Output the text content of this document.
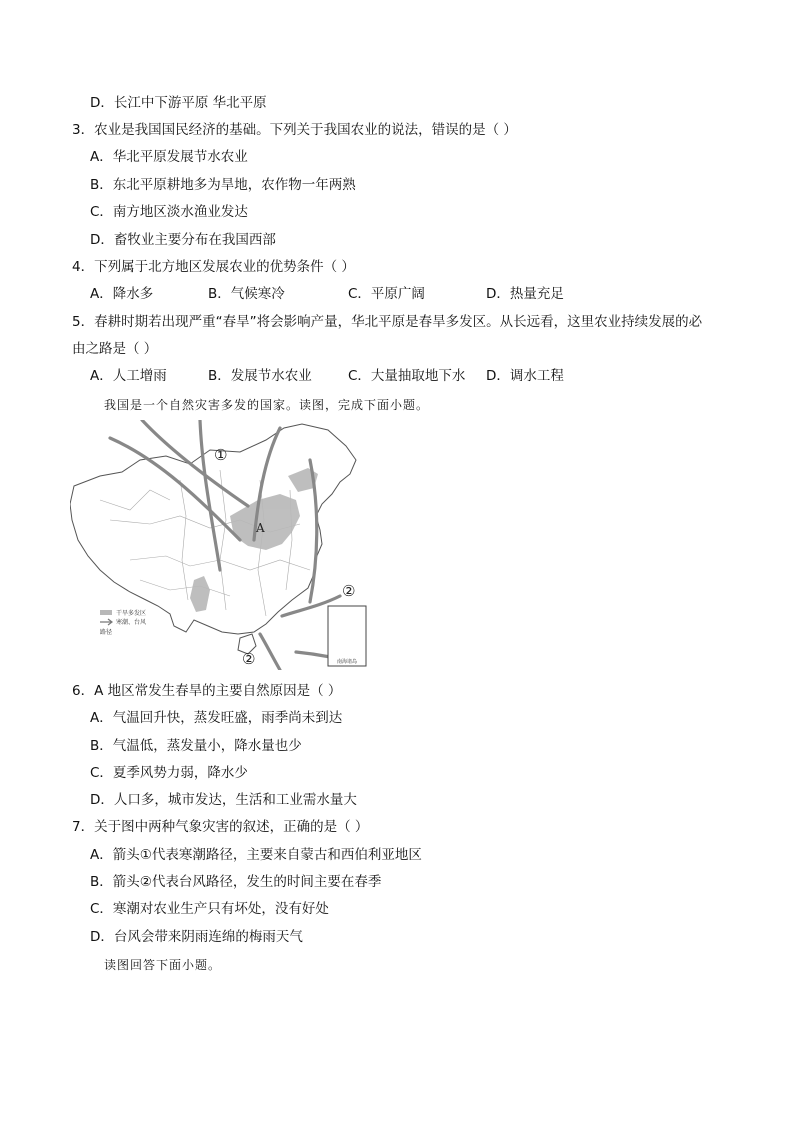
D．长江中下游平原 华北平原
3．农业是我国国民经济的基础。下列关于我国农业的说法，错误的是（ ）
A．华北平原发展节水农业
B．东北平原耕地多为旱地，农作物一年两熟
C．南方地区淡水渔业发达
D．畜牧业主要分布在我国西部
4．下列属于北方地区发展农业的优势条件（ ）
A．降水多	B．气候寒冷	C．平原广阔	D．热量充足
5．春耕时期若出现严重“春旱”将会影响产量，华北平原是春旱多发区。从长远看，这里农业持续发展的必
由之路是（ ）
A．人工增雨	B．发展节水农业	C．大量抽取地下水 D．调水工程
我国是一个自然灾害多发的国家。读图，完成下面小题。
南海诸岛
A
①
②
②
干旱多发区
寒潮、台风
路径
6．A 地区常发生春旱的主要自然原因是（ ）
A．气温回升快，蒸发旺盛，雨季尚未到达
B．气温低，蒸发量小，降水量也少
C．夏季风势力弱，降水少
D．人口多，城市发达，生活和工业需水量大
7．关于图中两种气象灾害的叙述，正确的是（ ）
A．箭头①代表寒潮路径，主要来自蒙古和西伯利亚地区
B．箭头②代表台风路径，发生的时间主要在春季
C．寒潮对农业生产只有坏处，没有好处
D．台风会带来阴雨连绵的梅雨天气
读图回答下面小题。
